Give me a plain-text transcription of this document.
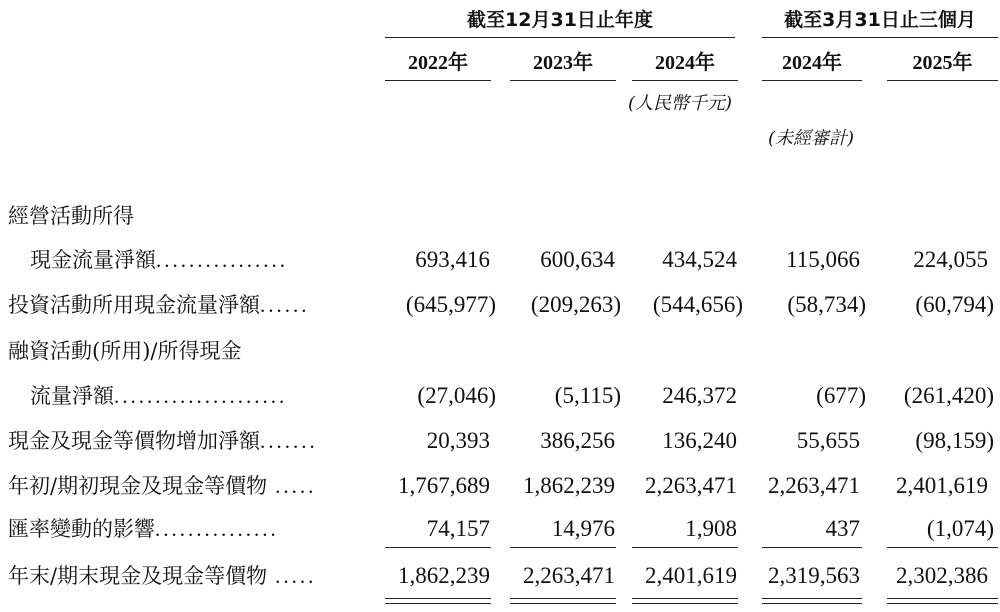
截至12月31日止年度	截至3月31日止三個月
2022年	2023年	2024年	2024年	2025年
(人民幣千元)
(未經審計)
經營活動所得
現金流量淨額................	693,416	600,634	434,524	115,066	224,055
投資活動所用現金流量淨額......	(645,977)	(209,263)	(544,656)	(58,734)	(60,794)
融資活動(所用)/所得現金
流量淨額.....................	(27,046)	(5,115)	246,372	(677)	(261,420)
現金及現金等價物增加淨額.......	20,393	386,256	136,240	55,655	(98,159)
年初/期初現金及現金等價物 .....	1,767,689	1,862,239	2,263,471	2,263,471	2,401,619
匯率變動的影響...............	74,157	14,976	1,908	437	(1,074)
年末/期末現金及現金等價物 .....	1,862,239	2,263,471	2,401,619	2,319,563	2,302,386
